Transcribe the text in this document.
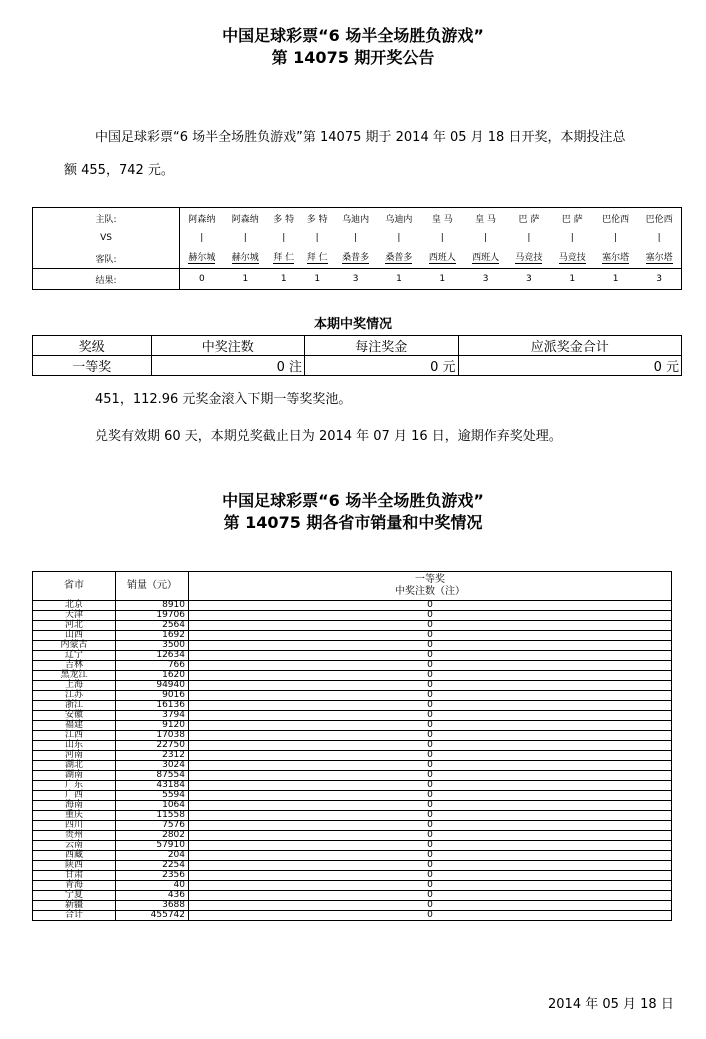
中国足球彩票“6 场半全场胜负游戏”
第 14075 期开奖公告
中国足球彩票“6 场半全场胜负游戏”第 14075 期于 2014 年 05 月 18 日开奖，本期投注总
额 455，742 元。
主队:	阿森纳	阿森纳	多 特	多 特	乌迪内	乌迪内	皇 马	皇 马	巴 萨	巴 萨	巴伦西	巴伦西
VS	|	|	|	|	|	|	|	|	|	|	|	|
客队:	赫尔城	赫尔城	拜 仁	拜 仁	桑普多	桑普多	西班人	西班人	马竞技	马竞技	塞尔塔	塞尔塔
结果:	0	1	1	1	3	1	1	3	3	1	1	3
本期中奖情况
奖级	中奖注数	每注奖金	应派奖金合计
一等奖	0 注	0 元	0 元
451，112.96 元奖金滚入下期一等奖奖池。
兑奖有效期 60 天，本期兑奖截止日为 2014 年 07 月 16 日，逾期作弃奖处理。
中国足球彩票“6 场半全场胜负游戏”
第 14075 期各省市销量和中奖情况
省市	销量（元）	一等奖
中奖注数（注）

北京	8910	0
天津	19706	0
河北	2564	0
山西	1692	0
内蒙古	3500	0
辽宁	12634	0
吉林	766	0
黑龙江	1620	0
上海	94940	0
江苏	9016	0
浙江	16136	0
安徽	3794	0
福建	9120	0
江西	17038	0
山东	22750	0
河南	2312	0
湖北	3024	0
湖南	87554	0
广东	43184	0
广西	5594	0
海南	1064	0
重庆	11558	0
四川	7576	0
贵州	2802	0
云南	57910	0
西藏	204	0
陕西	2254	0
甘肃	2356	0
青海	40	0
宁夏	436	0
新疆	3688	0
合计	455742	0
2014 年 05 月 18 日
